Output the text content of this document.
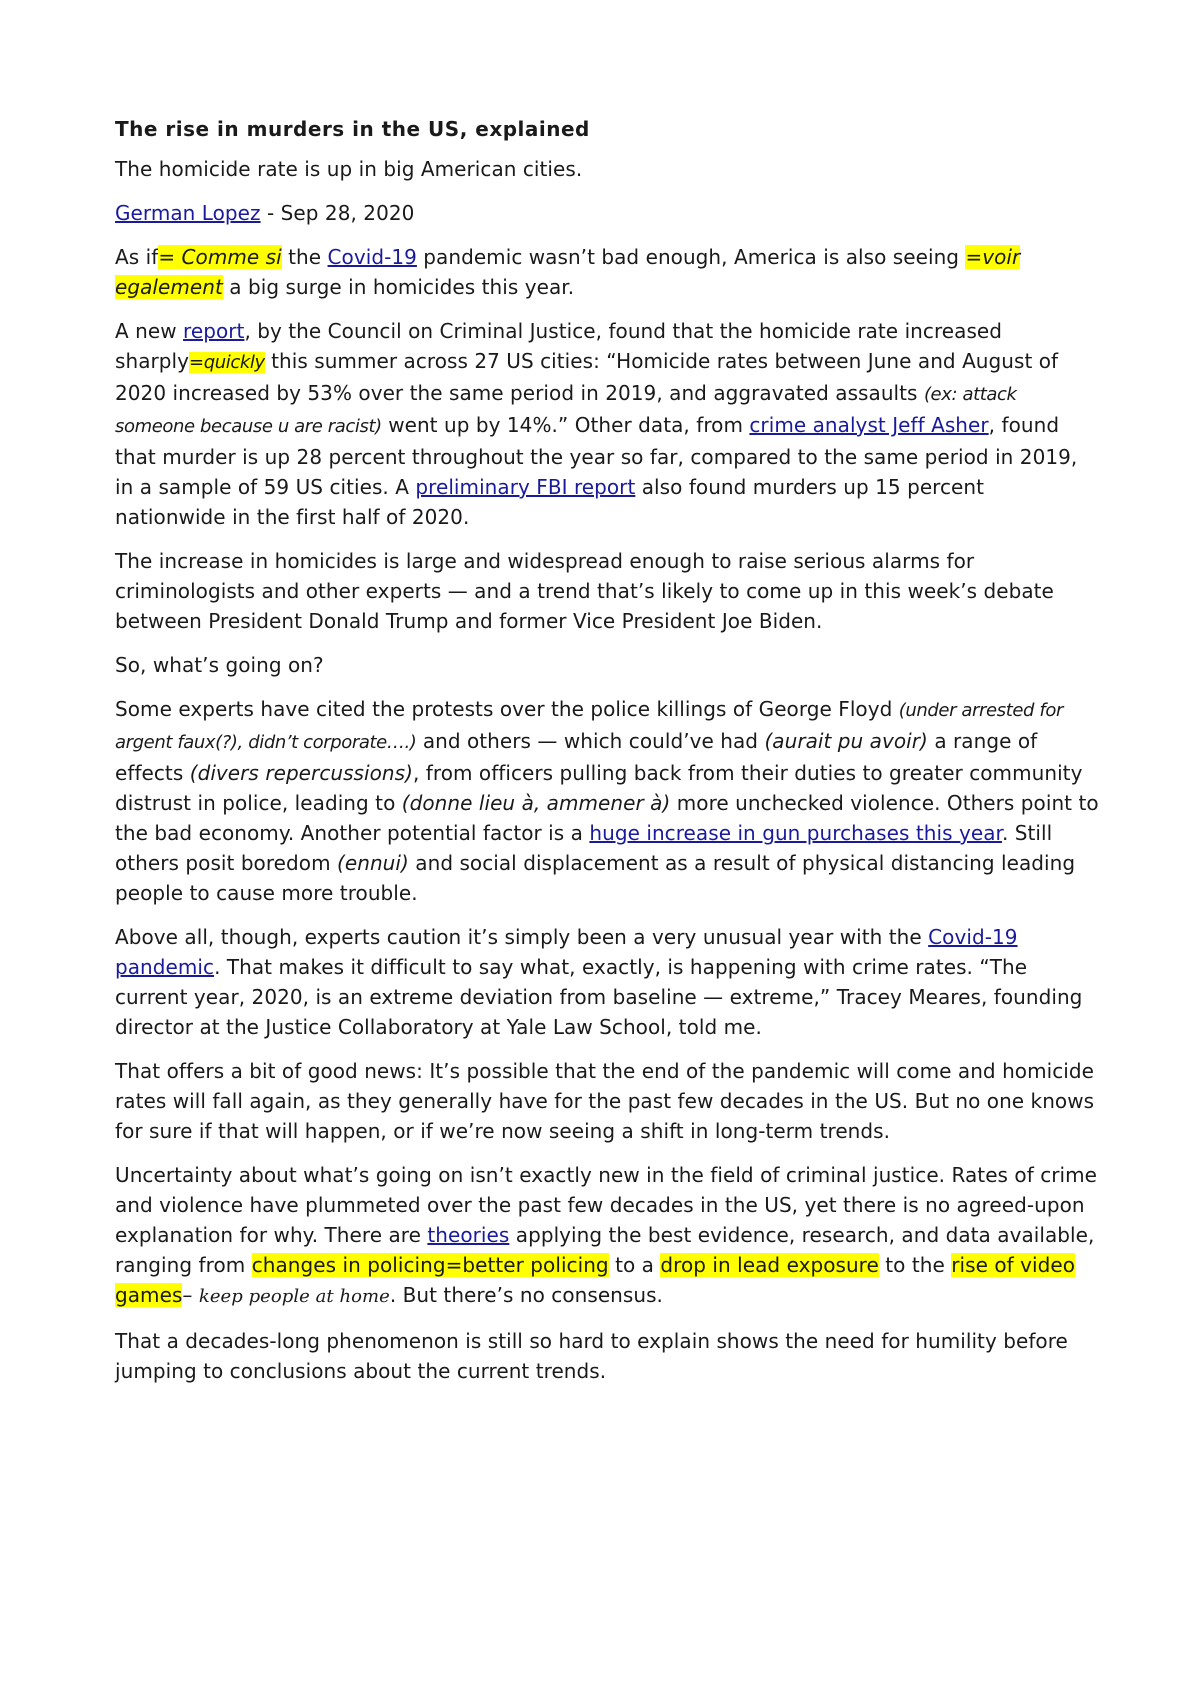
The rise in murders in the US, explained

The homicide rate is up in big American cities.

German Lopez - Sep 28, 2020

As if= Comme si the Covid-19 pandemic wasn’t bad enough, America is also seeing =voir egalement a big surge in homicides this year.

A new report, by the Council on Criminal Justice, found that the homicide rate increased sharply=quickly this summer across 27 US cities: “Homicide rates between June and August of 2020 increased by 53% over the same period in 2019, and aggravated assaults (ex: attack someone because u are racist) went up by 14%.” Other data, from crime analyst Jeff Asher, found that murder is up 28 percent throughout the year so far, compared to the same period in 2019, in a sample of 59 US cities. A preliminary FBI report also found murders up 15 percent nationwide in the first half of 2020.

The increase in homicides is large and widespread enough to raise serious alarms for criminologists and other experts — and a trend that’s likely to come up in this week’s debate between President Donald Trump and former Vice President Joe Biden.

So, what’s going on?

Some experts have cited the protests over the police killings of George Floyd (under arrested for argent faux(?), didn’t corporate….) and others — which could’ve had (aurait pu avoir) a range of effects (divers repercussions), from officers pulling back from their duties to greater community distrust in police, leading to (donne lieu à, ammener à) more unchecked violence. Others point to the bad economy. Another potential factor is a huge increase in gun purchases this year. Still others posit boredom (ennui) and social displacement as a result of physical distancing leading people to cause more trouble.

Above all, though, experts caution it’s simply been a very unusual year with the Covid-19 pandemic. That makes it difficult to say what, exactly, is happening with crime rates. “The current year, 2020, is an extreme deviation from baseline — extreme,” Tracey Meares, founding director at the Justice Collaboratory at Yale Law School, told me.

That offers a bit of good news: It’s possible that the end of the pandemic will come and homicide rates will fall again, as they generally have for the past few decades in the US. But no one knows for sure if that will happen, or if we’re now seeing a shift in long-term trends.

Uncertainty about what’s going on isn’t exactly new in the field of criminal justice. Rates of crime and violence have plummeted over the past few decades in the US, yet there is no agreed-upon explanation for why. There are theories applying the best evidence, research, and data available, ranging from changes in policing=better policing to a drop in lead exposure to the rise of video games– keep people at home. But there’s no consensus.

That a decades-long phenomenon is still so hard to explain shows the need for humility before jumping to conclusions about the current trends.
